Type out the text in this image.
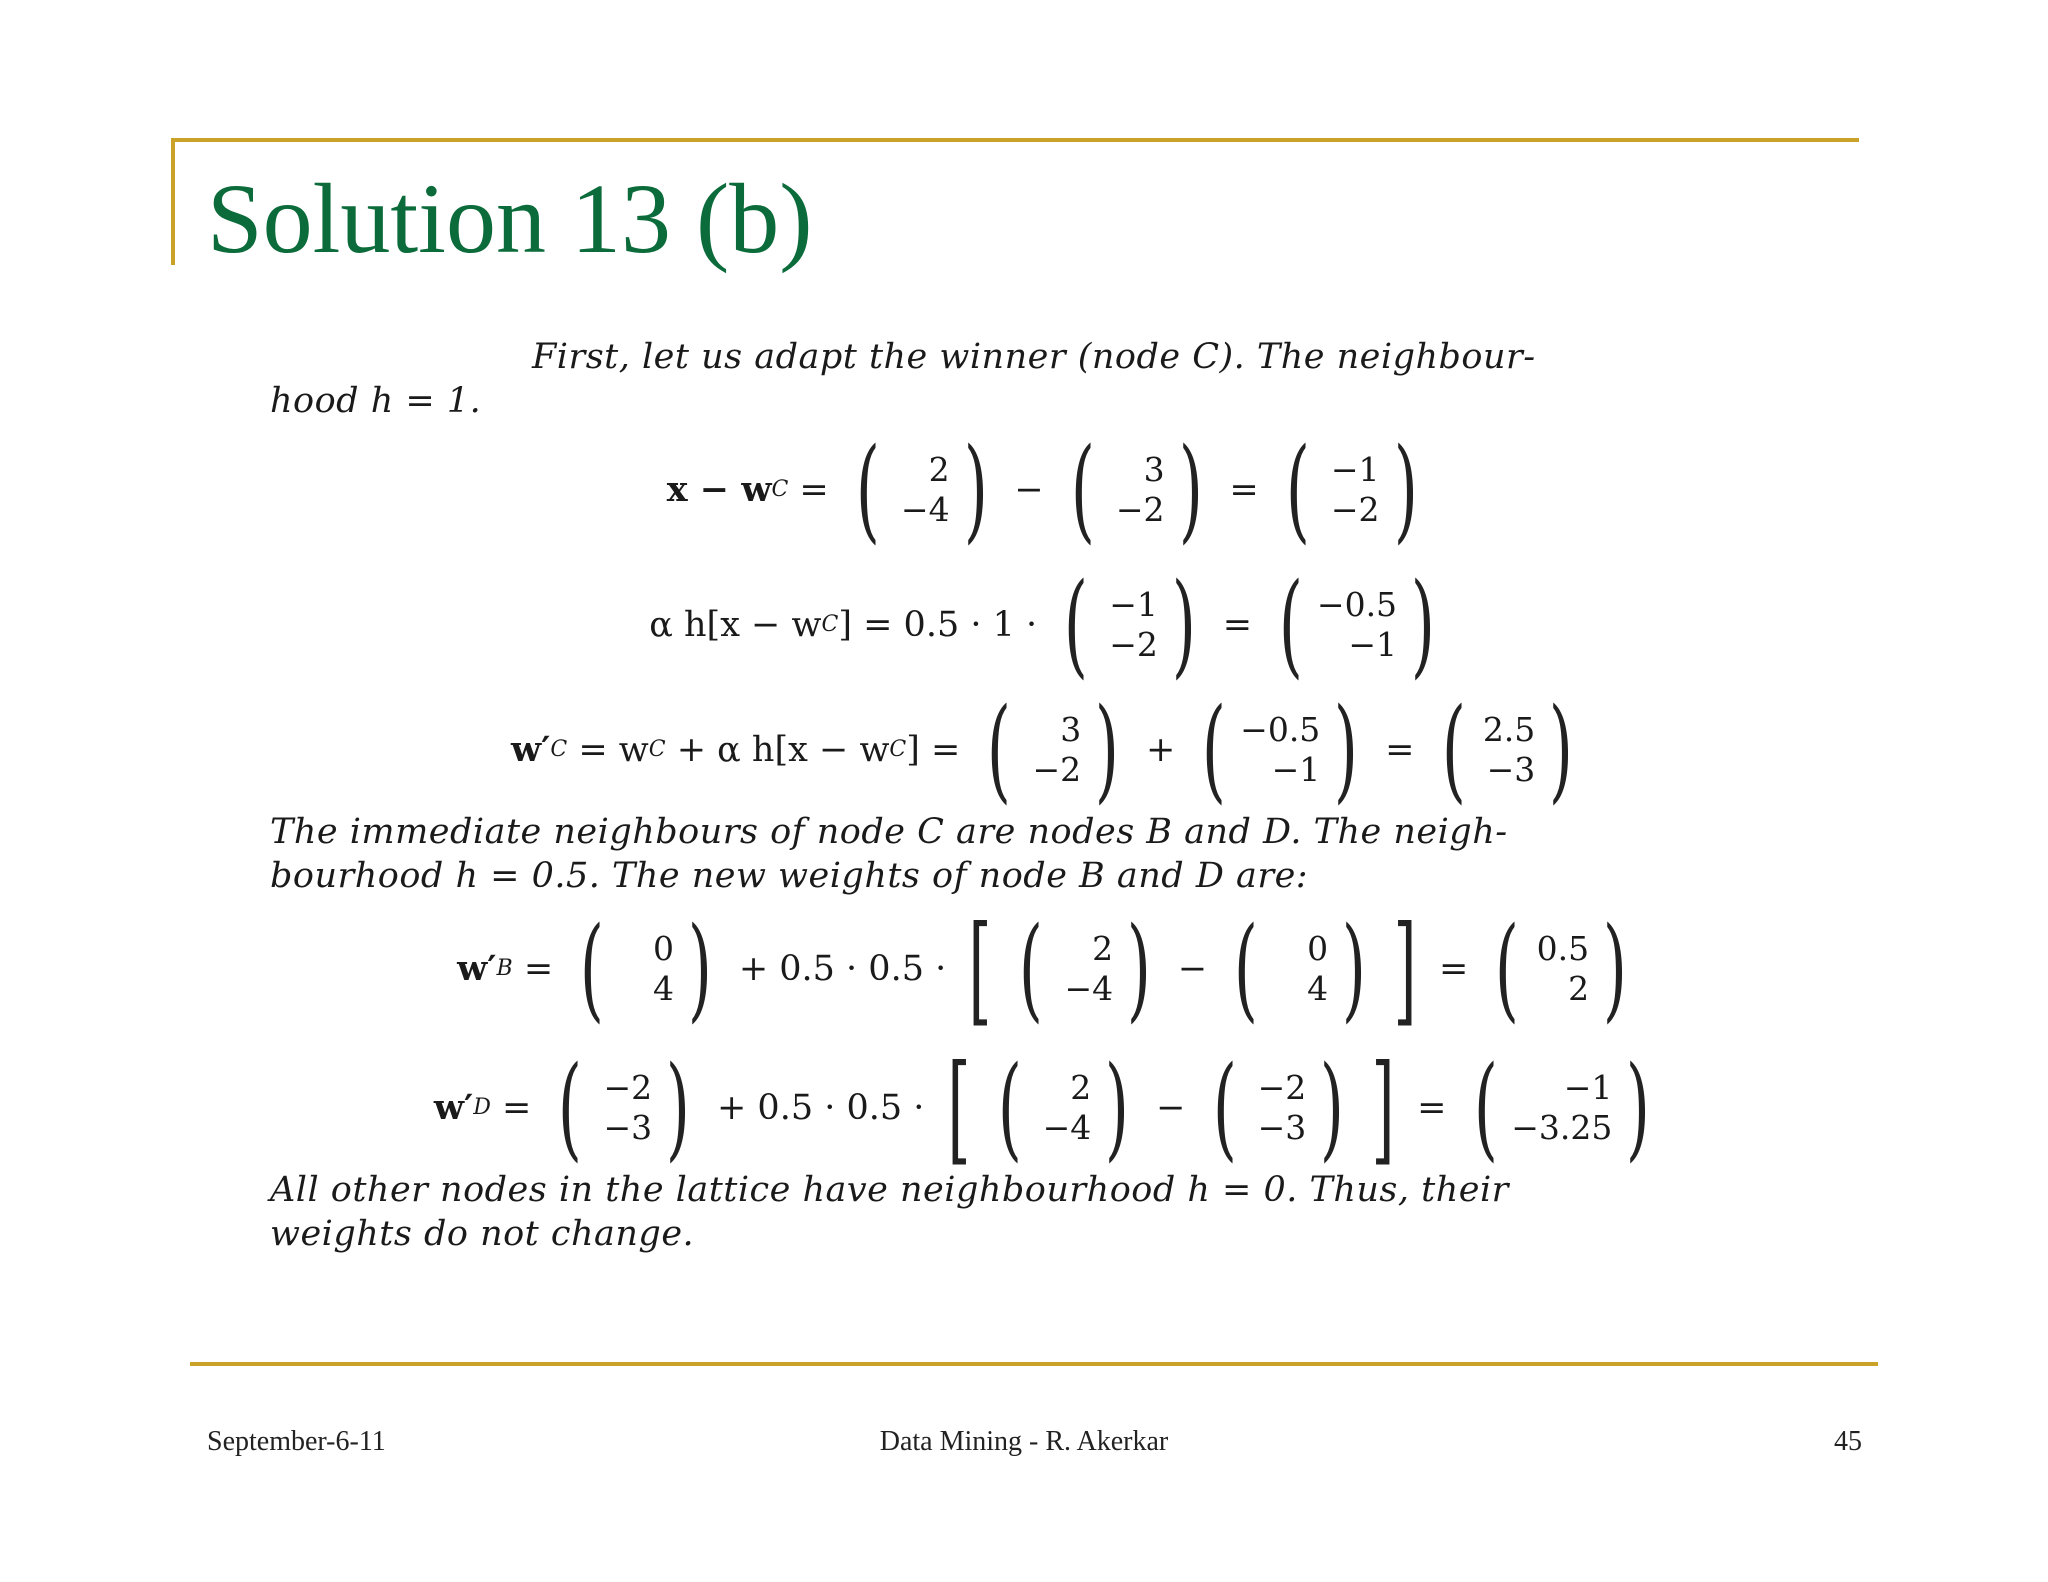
Solution 13 (b)

First, let us adapt the winner (node C). The neighbour-

hood h = 1.

x − w C = ( 2
−4 ) − ( 3
−2 ) = ( −1
−2 )
α h[x − w C ] = 0.5 · 1 · ( −1
−2 ) = ( −0.5
−1 )
w′ C = w C + α h[x − w C ] = ( 3
−2 ) + ( −0.5
−1 ) = ( 2.5
−3 )

The immediate neighbours of node C are nodes B and D. The neigh-

bourhood h = 0.5. The new weights of node B and D are:

w′ B = ( 0
4 ) + 0.5 · 0.5 · [ ( 2
−4 ) − ( 0
4 ) ] = ( 0.5
2 )
w′ D = ( −2
−3 ) + 0.5 · 0.5 · [ ( 2
−4 ) − ( −2
−3 ) ] = ( −1
−3.25 )

All other nodes in the lattice have neighbourhood h = 0. Thus, their

weights do not change.

September-6-11	Data Mining - R. Akerkar	45
